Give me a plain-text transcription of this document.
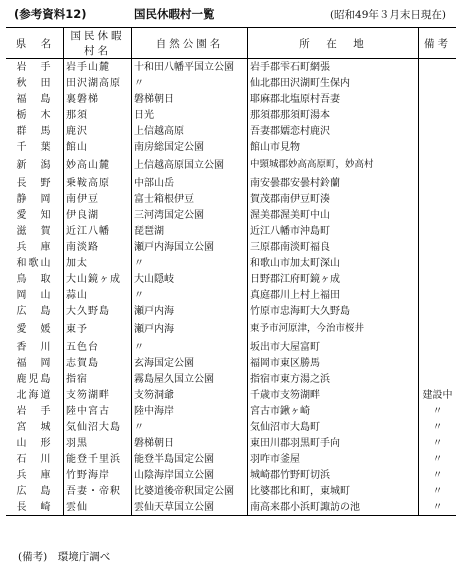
(参考資料12)	国民休暇村一覧	(昭和49年３月末日現在)
県　名	国民休暇村名	自然公園名	所　在　地	備考
岩　手	岩手山麓	十和田八幡平国立公園	岩手郡雫石町網張	
秋　田	田沢湖高原	〃	仙北郡田沢湖町生保内	
福　島	裏磐梯	磐梯朝日	耶麻郡北塩原村吾妻	
栃　木	那須	日光	那須郡那須町湯本	
群　馬	鹿沢	上信越高原	吾妻郡嬬恋村鹿沢	
千　葉	館山	南房総国定公園	館山市見物	
新　潟	妙高山麓	上信越高原国立公園	中頸城郡妙高高原町，妙高村	
長　野	乗鞍高原	中部山岳	南安曇郡安曇村鈴蘭	
静　岡	南伊豆	富士箱根伊豆	賀茂郡南伊豆町湊	
愛　知	伊良湖	三河湾国定公園	渥美郡渥美町中山	
滋　賀	近江八幡	琵琶湖	近江八幡市沖島町	
兵　庫	南淡路	瀬戸内海国立公園	三原郡南淡町福良	
和歌山	加太	〃	和歌山市加太町深山	
鳥　取	大山鏡ヶ成	大山隠岐	日野郡江府町鏡ヶ成	
岡　山	蒜山	〃	真庭郡川上村上福田	
広　島	大久野島	瀬戸内海	竹原市忠海町大久野島	
愛　媛	東予	瀬戸内海	東予市河原津，今治市桜井	
香　川	五色台	〃	坂出市大屋富町	
福　岡	志賀島	玄海国定公園	福岡市東区勝馬	
鹿児島	指宿	霧島屋久国立公園	指宿市東方湯之浜	
北海道	支笏湖畔	支笏洞爺	千歳市支笏湖畔	建設中
岩　手	陸中宮古	陸中海岸	宮古市鍬ヶ崎	〃
宮　城	気仙沼大島	〃	気仙沼市大島町	〃
山　形	羽黒	磐梯朝日	東田川郡羽黒町手向	〃
石　川	能登千里浜	能登半島国定公園	羽咋市釜屋	〃
兵　庫	竹野海岸	山陰海岸国立公園	城崎郡竹野町切浜	〃
広　島	吾妻・帝釈	比婆道後帝釈国定公園	比婆郡比和町，東城町	〃
長　崎	雲仙	雲仙天草国立公園	南高来郡小浜町諏訪の池	〃
(備考)　環境庁調べ
